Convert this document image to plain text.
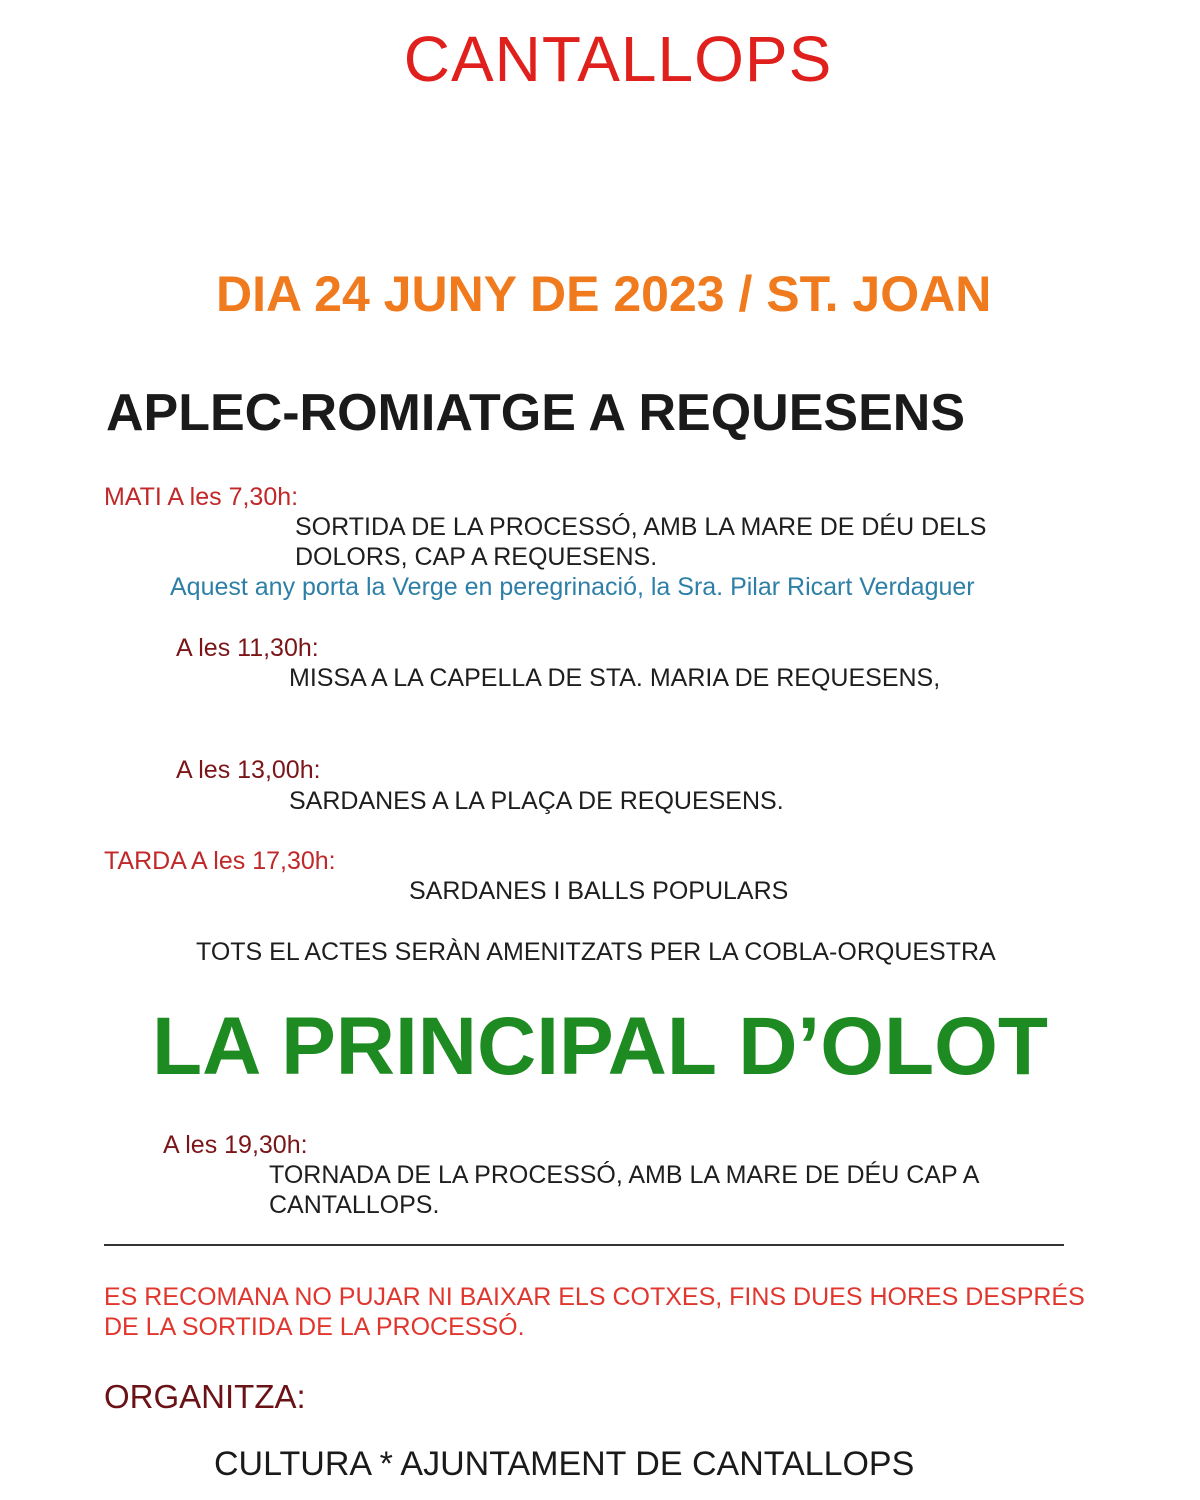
CANTALLOPS
DIA 24 JUNY DE 2023 / ST. JOAN
APLEC-ROMIATGE A REQUESENS
MATI A les 7,30h:
SORTIDA DE LA PROCESSÓ, AMB LA MARE DE DÉU DELS
DOLORS, CAP A REQUESENS.
Aquest any porta la Verge en peregrinació, la Sra. Pilar Ricart Verdaguer
A les 11,30h:
MISSA A LA CAPELLA DE STA. MARIA DE REQUESENS,
A les 13,00h:
SARDANES A LA PLAÇA DE REQUESENS.
TARDA A les 17,30h:
SARDANES I BALLS POPULARS
TOTS EL ACTES SERÀN AMENITZATS PER LA COBLA-ORQUESTRA
LA PRINCIPAL D’OLOT
A les 19,30h:
TORNADA DE LA PROCESSÓ, AMB LA MARE DE DÉU CAP A
CANTALLOPS.
ES RECOMANA NO PUJAR NI BAIXAR ELS COTXES, FINS DUES HORES DESPRÉS
DE LA SORTIDA DE LA PROCESSÓ.
ORGANITZA:
CULTURA * AJUNTAMENT DE CANTALLOPS
